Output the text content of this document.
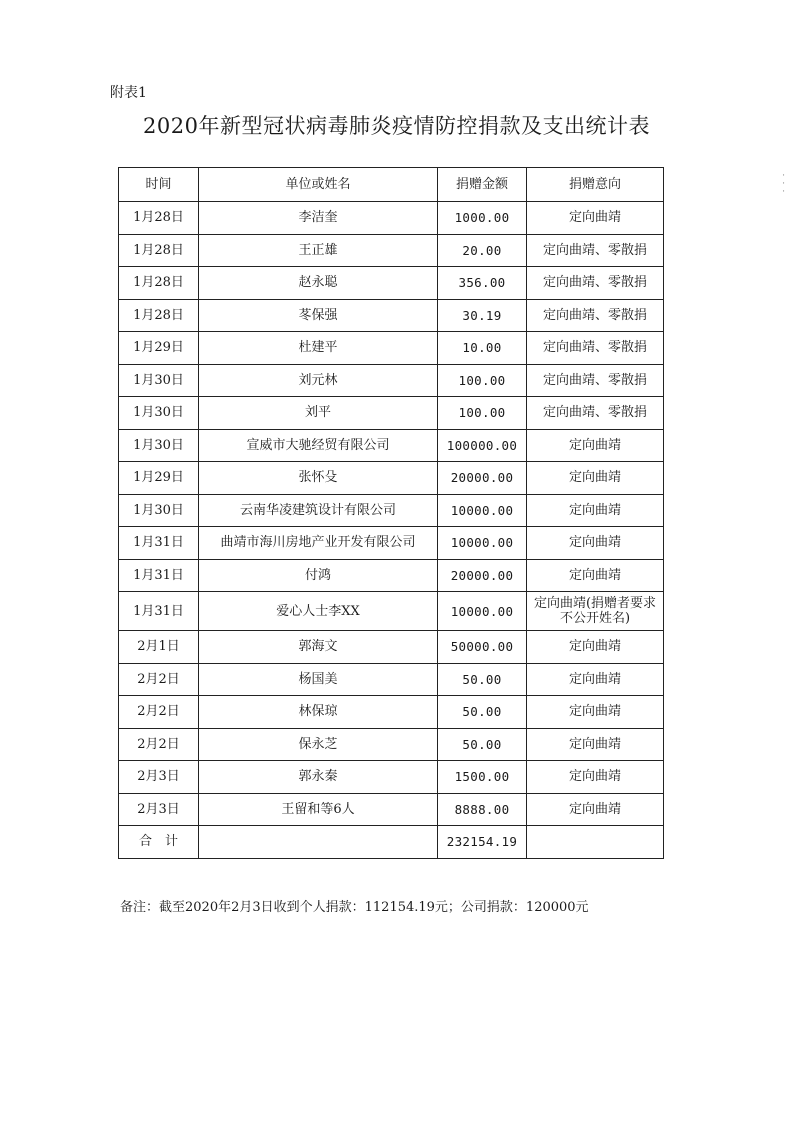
附表1
2020年新型冠状病毒肺炎疫情防控捐款及支出统计表
·
·
·
时间	单位或姓名	捐赠金额	捐赠意向
1月28日	李洁奎	1000.00	定向曲靖
1月28日	王正雄	20.00	定向曲靖、零散捐
1月28日	赵永聪	356.00	定向曲靖、零散捐
1月28日	苳保强	30.19	定向曲靖、零散捐
1月29日	杜建平	10.00	定向曲靖、零散捐
1月30日	刘元林	100.00	定向曲靖、零散捐
1月30日	刘平	100.00	定向曲靖、零散捐
1月30日	宣威市大驰经贸有限公司	100000.00	定向曲靖
1月29日	张怀殳	20000.00	定向曲靖
1月30日	云南华凌建筑设计有限公司	10000.00	定向曲靖
1月31日	曲靖市海川房地产业开发有限公司	10000.00	定向曲靖
1月31日	付鸿	20000.00	定向曲靖
1月31日	爱心人士李XX	10000.00	定向曲靖(捐赠者要求不公开姓名)
2月1日	郭海文	50000.00	定向曲靖
2月2日	杨国美	50.00	定向曲靖
2月2日	林保琼	50.00	定向曲靖
2月2日	保永芝	50.00	定向曲靖
2月3日	郭永秦	1500.00	定向曲靖
2月3日	王留和等6人	8888.00	定向曲靖
合　计		232154.19	
备注：截至2020年2月3日收到个人捐款：112154.19元；公司捐款：120000元
